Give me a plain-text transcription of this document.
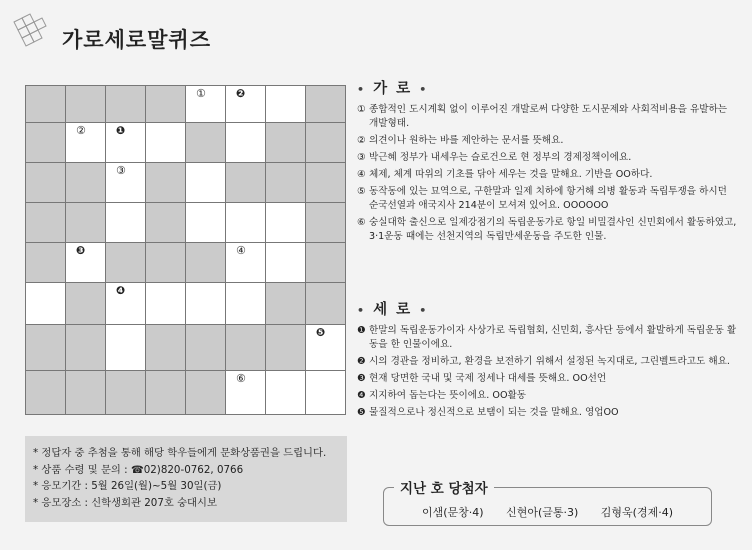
가로세로말퀴즈
①	❷
②	❶
③
❸	④
❹
❺
⑥
• 가 로 •
① 종합적인 도시계획 없이 이루어진 개발로써 다양한 도시문제와 사회적비용을 유발하는 개발형태.
② 의견이나 원하는 바를 제안하는 문서를 뜻해요.
③ 박근혜 정부가 내세우는 슬로건으로 현 정부의 경제정책이에요.
④ 체제, 체계 따위의 기초를 닦아 세우는 것을 말해요. 기반을 OO하다.
⑤ 동작동에 있는 묘역으로, 구한말과 일제 치하에 항거해 의병 활동과 독립투쟁을 하시던 순국선열과 애국지사 214분이 모셔져 있어요. OOOOOO
⑥ 숭실대학 출신으로 일제강점기의 독립운동가로 항일 비밀결사인 신민회에서 활동하였고, 3·1운동 때에는 선천지역의 독립만세운동을 주도한 인물.
• 세 로 •
❶ 한말의 독립운동가이자 사상가로 독립협회, 신민회, 흥사단 등에서 활발하게 독립운동 활동을 한 인물이에요.
❷ 시의 경관을 정비하고, 환경을 보전하기 위해서 설정된 녹지대로, 그린벨트라고도 해요.
❸ 현재 당면한 국내 및 국제 정세나 대세를 뜻해요. OO선언
❹ 지지하여 돕는다는 뜻이에요. OO활동
❺ 물질적으로나 정신적으로 보탬이 되는 것을 말해요. 영업OO
* 정답자 중 추첨을 통해 해당 학우들에게 문화상품권을 드립니다.
* 상품 수령 및 문의 : ☎02)820-0762, 0766
* 응모기간 : 5월 26일(월)~5월 30일(금)
* 응모장소 : 신학생회관 207호 숭대시보
지난 호 당첨자
이샘(문창·4) 신현아(글통·3) 김형욱(경제·4)
